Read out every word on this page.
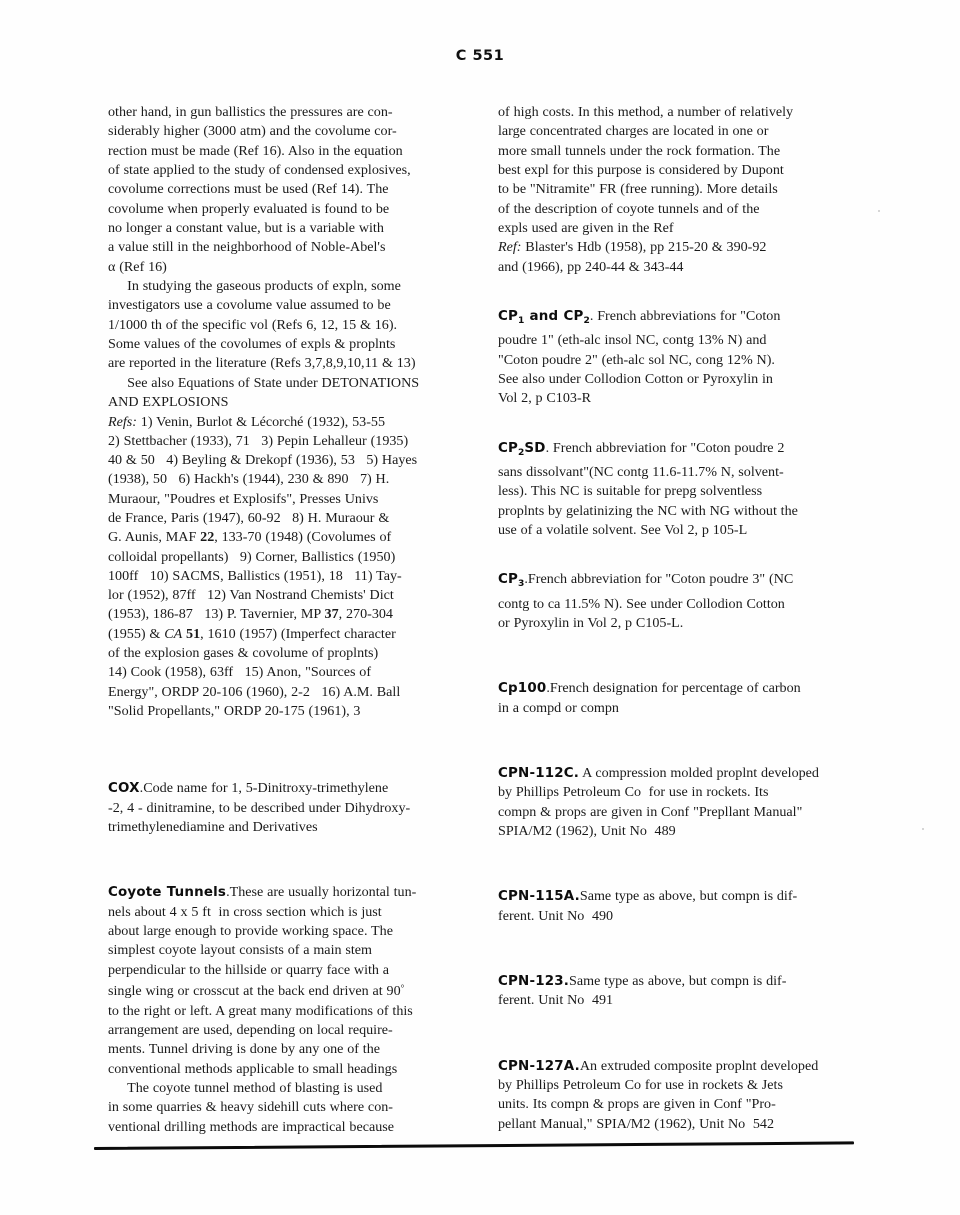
C 551

other hand, in gun ballistics the pressures are con-
siderably higher (3000 atm) and the covolume cor-
rection must be made (Ref 16). Also in the equation
of state applied to the study of condensed explosives,
covolume corrections must be used (Ref 14). The
covolume when properly evaluated is found to be
no longer a constant value, but is a variable with
a value still in the neighborhood of Noble-Abel's
α (Ref 16)

In studying the gaseous products of expln, some
investigators use a covolume value assumed to be
1/1000 th of the specific vol (Refs 6, 12, 15 & 16).
Some values of the covolumes of expls & proplnts
are reported in the literature (Refs 3,7,8,9,10,11 & 13)

See also Equations of State under DETONATIONS
AND EXPLOSIONS

Refs: 1) Venin, Burlot & Lécorché (1932), 53-55
2) Stettbacher (1933), 71   3) Pepin Lehalleur (1935)
40 & 50   4) Beyling & Drekopf (1936), 53   5) Hayes
(1938), 50   6) Hackh's (1944), 230 & 890   7) H.
Muraour, "Poudres et Explosifs", Presses Univs
de France, Paris (1947), 60-92   8) H. Muraour &
G. Aunis, MAF 22, 133-70 (1948) (Covolumes of
colloidal propellants)   9) Corner, Ballistics (1950)
100ff   10) SACMS, Ballistics (1951), 18   11) Tay-
lor (1952), 87ff   12) Van Nostrand Chemists' Dict
(1953), 186-87   13) P. Tavernier, MP 37, 270-304
(1955) & CA 51, 1610 (1957) (Imperfect character
of the explosion gases & covolume of proplnts)
14) Cook (1958), 63ff   15) Anon, "Sources of
Energy", ORDP 20-106 (1960), 2-2   16) A.M. Ball
"Solid Propellants," ORDP 20-175 (1961), 3

COX.Code name for 1, 5-Dinitroxy-trimethylene
-2, 4 - dinitramine, to be described under Dihydroxy-
trimethylenediamine and Derivatives

Coyote Tunnels.These are usually horizontal tun-
nels about 4 x 5 ft  in cross section which is just
about large enough to provide working space. The
simplest coyote layout consists of a main stem
perpendicular to the hillside or quarry face with a
single wing or crosscut at the back end driven at 90°
to the right or left. A great many modifications of this
arrangement are used, depending on local require-
ments. Tunnel driving is done by any one of the
conventional methods applicable to small headings

The coyote tunnel method of blasting is used
in some quarries & heavy sidehill cuts where con-
ventional drilling methods are impractical because

of high costs. In this method, a number of relatively
large concentrated charges are located in one or
more small tunnels under the rock formation. The
best expl for this purpose is considered by Dupont
to be "Nitramite" FR (free running). More details
of the description of coyote tunnels and of the
expls used are given in the Ref

Ref: Blaster's Hdb (1958), pp 215-20 & 390-92
and (1966), pp 240-44 & 343-44

$CP_1$ and $CP_2$. French abbreviations for "Coton
poudre 1" (eth-alc insol NC, contg 13% N) and
"Coton poudre 2" (eth-alc sol NC, cong 12% N).
See also under Collodion Cotton or Pyroxylin in
Vol 2, p C103-R

$CP_2SD$. French abbreviation for "Coton poudre 2
sans dissolvant"(NC contg 11.6-11.7% N, solvent-
less). This NC is suitable for prepg solventless
proplnts by gelatinizing the NC with NG without the
use of a volatile solvent. See Vol 2, p 105-L

$CP_3.French$ abbreviation for "Coton poudre 3" (NC
contg to ca 11.5% N). See under Collodion Cotton
or Pyroxylin in Vol 2, p C105-L.

Cp100.French designation for percentage of carbon
in a compd or compn

CPN-112C. A compression molded proplnt developed
by Phillips Petroleum Co  for use in rockets. Its
compn & props are given in Conf "Prepllant Manual"
SPIA/M2 (1962), Unit No  489

CPN-115A.Same type as above, but compn is dif-
ferent. Unit No  490

CPN-123.Same type as above, but compn is dif-
ferent. Unit No  491

CPN-127A.An extruded composite proplnt developed
by Phillips Petroleum Co for use in rockets & Jets
units. Its compn & props are given in Conf "Pro-
pellant Manual," SPIA/M2 (1962), Unit No  542
